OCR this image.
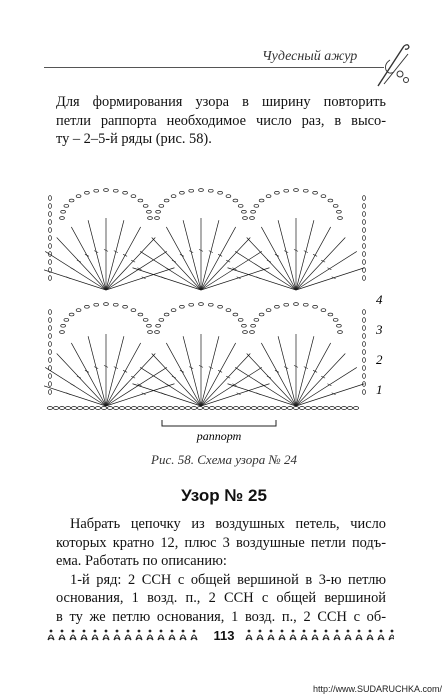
Чудесный ажур
Для формирования узора в ширину повторить
петли раппорта необходимое число раз, в высо-
ту – 2–5-й ряды (рис. 58).
4
3
2
1
раппорт
Рис. 58. Схема узора № 24
Узор № 25
Набрать цепочку из воздушных петель, число
которых кратно 12, плюс 3 воздушные петли подъ-
ема. Работать по описанию:
1-й ряд: 2 ССН с общей вершиной в 3-ю петлю
основания, 1 возд. п., 2 ССН с общей вершиной
в ту же петлю основания, 1 возд. п., 2 ССН с об-
113
http://www.SUDARUCHKA.com/
